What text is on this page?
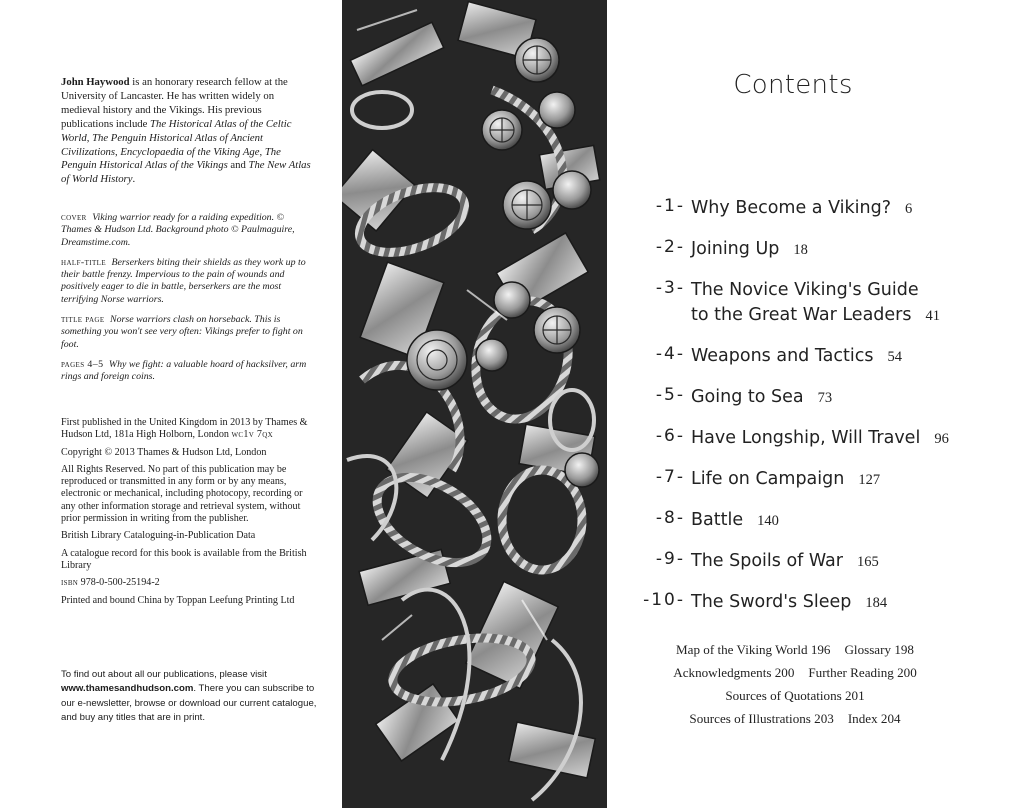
John Haywood is an honorary research fellow at the University of Lancaster. He has written widely on medieval history and the Vikings. His previous publications include The Historical Atlas of the Celtic World, The Penguin Historical Atlas of Ancient Civilizations, Encyclopaedia of the Viking Age, The Penguin Historical Atlas of the Vikings and The New Atlas of World History.

cover Viking warrior ready for a raiding expedition. © Thames & Hudson Ltd. Background photo © Paulmaguire, Dreamstime.com.

half-title Berserkers biting their shields as they work up to their battle frenzy. Impervious to the pain of wounds and positively eager to die in battle, berserkers are the most terrifying Norse warriors.

title page Norse warriors clash on horseback. This is something you won't see very often: Vikings prefer to fight on foot.

pages 4–5 Why we fight: a valuable hoard of hacksilver, arm rings and foreign coins.

First published in the United Kingdom in 2013 by Thames & Hudson Ltd, 181a High Holborn, London wc1v 7qx

Copyright © 2013 Thames & Hudson Ltd, London

All Rights Reserved. No part of this publication may be reproduced or transmitted in any form or by any means, electronic or mechanical, including photocopy, recording or any other information storage and retrieval system, without prior permission in writing from the publisher.

British Library Cataloguing-in-Publication Data

A catalogue record for this book is available from the British Library

isbn 978-0-500-25194-2

Printed and bound China by Toppan Leefung Printing Ltd

To find out about all our publications, please visit www.thamesandhudson.com. There you can subscribe to our e-newsletter, browse or download our current catalogue, and buy any titles that are in print.

Contents
-1- Why Become a Viking? 6
-2- Joining Up 18
-3- The Novice Viking's Guide
to the Great War Leaders 41
-4- Weapons and Tactics 54
-5- Going to Sea 73
-6- Have Longship, Will Travel 96
-7- Life on Campaign 127
-8- Battle 140
-9- The Spoils of War 165
-10- The Sword's Sleep 184
Map of the Viking World 196 Glossary 198
Acknowledgments 200 Further Reading 200
Sources of Quotations 201
Sources of Illustrations 203 Index 204
